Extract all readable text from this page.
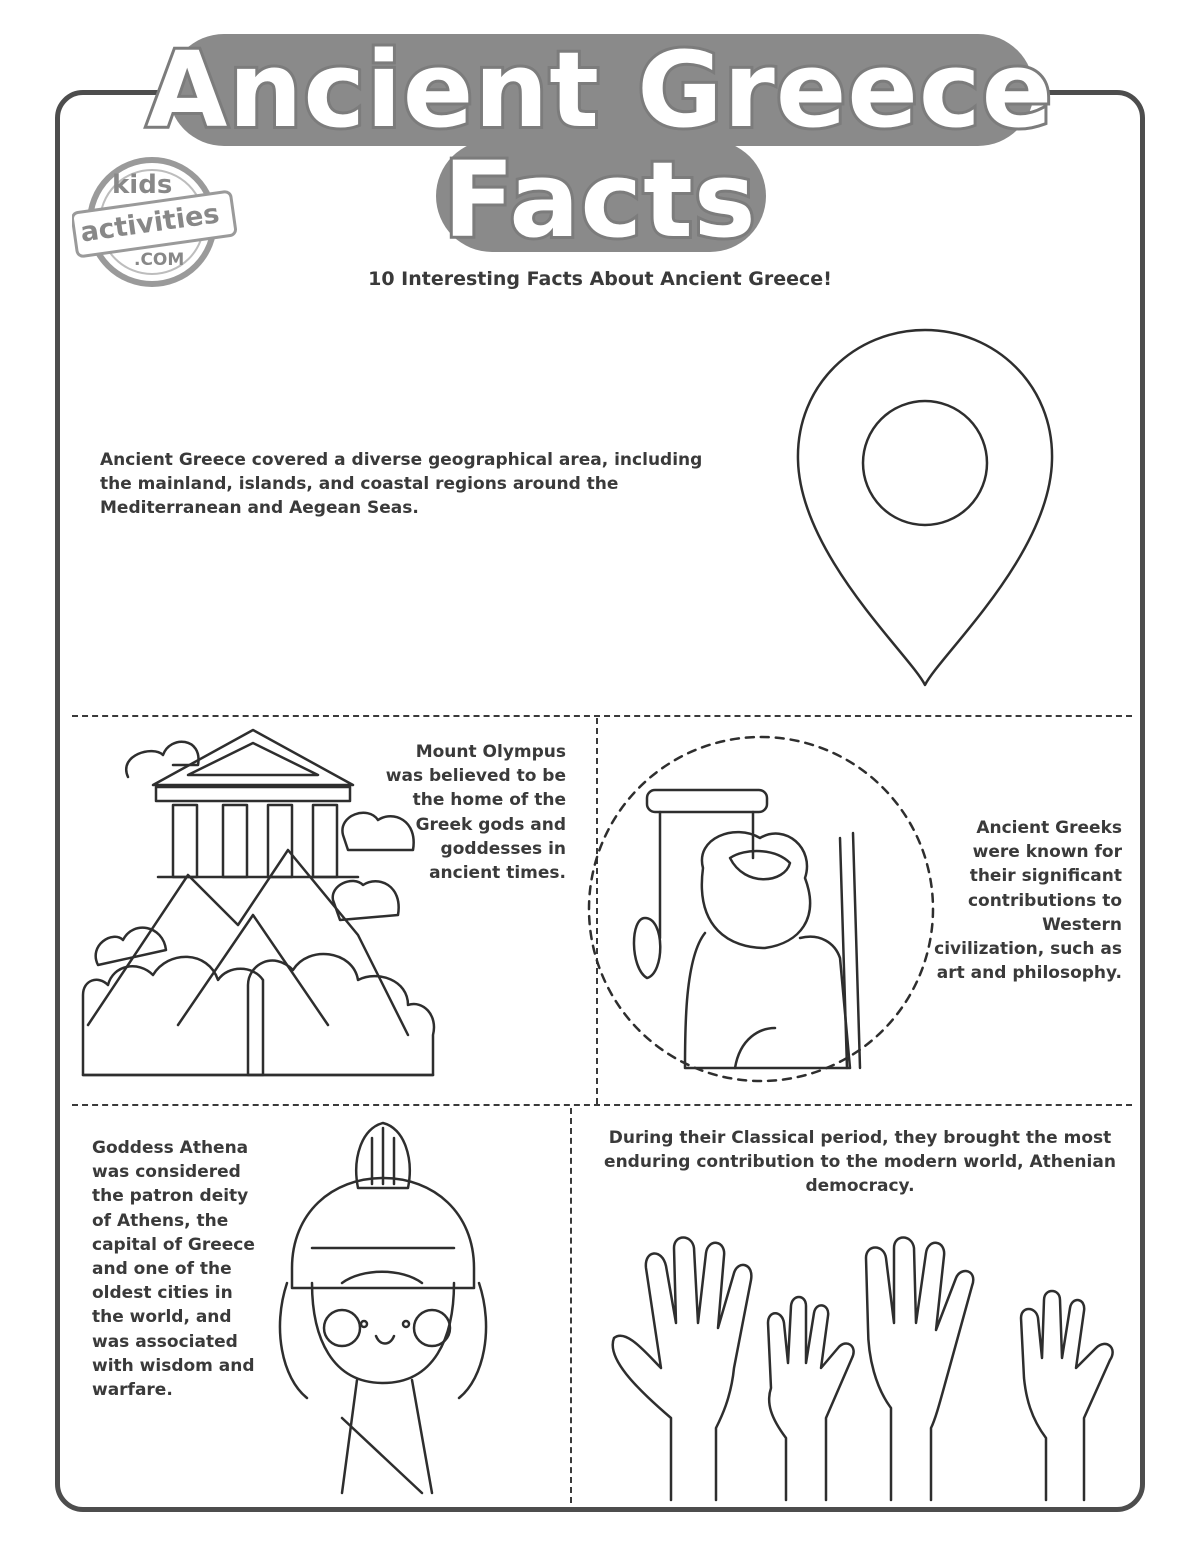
Ancient Greece
Facts
kids
activities
.COM
10 Interesting Facts About Ancient Greece!
Ancient Greece covered a diverse geographical area, including the mainland, islands, and coastal regions around the Mediterranean and Aegean Seas.
Mount Olympus was believed to be the home of the Greek gods and goddesses in ancient times.
Ancient Greeks were known for their significant contributions to Western civilization, such as art and philosophy.
Goddess Athena was considered the patron deity of Athens, the capital of Greece and one of the oldest cities in the world, and was associated with wisdom and warfare.
During their Classical period, they brought the most enduring contribution to the modern world, Athenian democracy.
